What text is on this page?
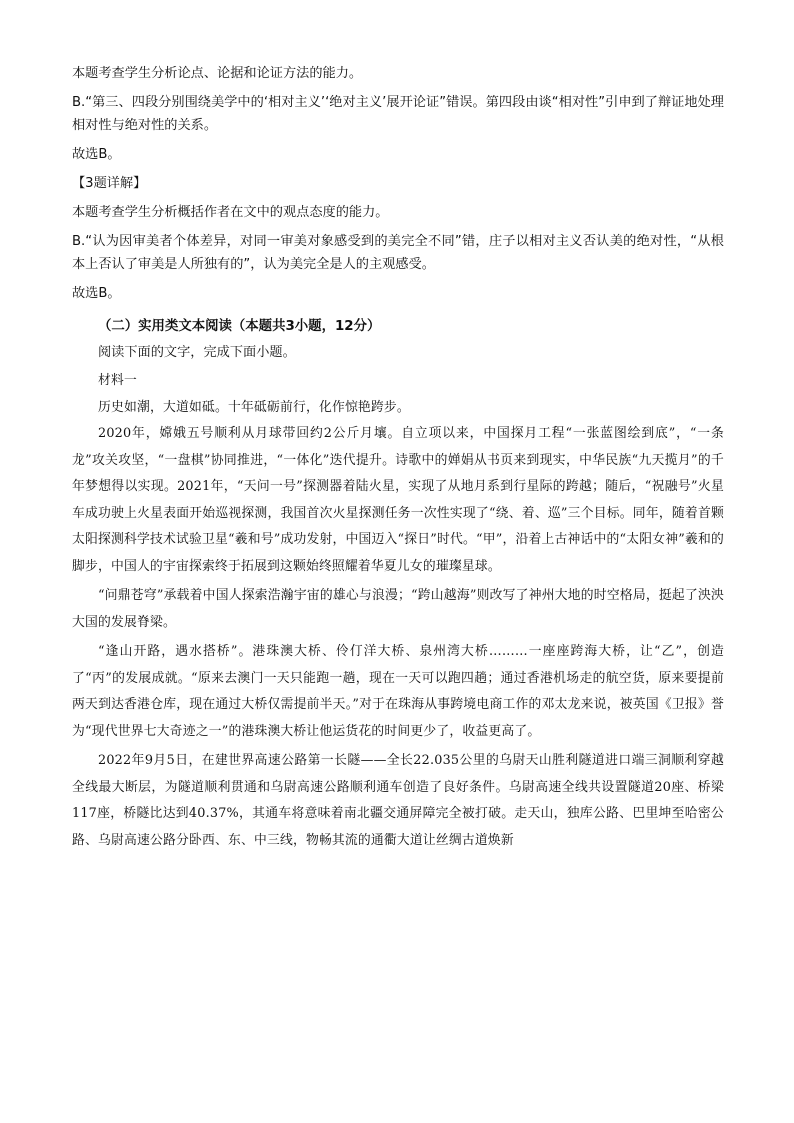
本题考查学生分析论点、论据和论证方法的能力。

B.“第三、四段分别围绕美学中的‘相对主义’‘绝对主义’展开论证”错误。第四段由谈“相对性”引申到了辩证地处理相对性与绝对性的关系。

故选B。

【3题详解】

本题考查学生分析概括作者在文中的观点态度的能力。

B.“认为因审美者个体差异，对同一审美对象感受到的美完全不同”错，庄子以相对主义否认美的绝对性，“从根本上否认了审美是人所独有的”，认为美完全是人的主观感受。

故选B。

（二）实用类文本阅读（本题共3小题，12分）

阅读下面的文字，完成下面小题。

材料一

历史如潮，大道如砥。十年砥砺前行，化作惊艳跨步。

2020年，嫦娥五号顺利从月球带回约2公斤月壤。自立项以来，中国探月工程“一张蓝图绘到底”，“一条龙”攻关攻坚，“一盘棋”协同推进，“一体化”迭代提升。诗歌中的婵娟从书页来到现实，中华民族“九天揽月”的千年梦想得以实现。2021年，“天问一号”探测器着陆火星，实现了从地月系到行星际的跨越；随后，“祝融号”火星车成功驶上火星表面开始巡视探测，我国首次火星探测任务一次性实现了“绕、着、巡”三个目标。同年，随着首颗太阳探测科学技术试验卫星“羲和号”成功发射，中国迈入“探日”时代。“甲”，沿着上古神话中的“太阳女神”羲和的脚步，中国人的宇宙探索终于拓展到这颗始终照耀着华夏儿女的璀璨星球。

“问鼎苍穹”承载着中国人探索浩瀚宇宙的雄心与浪漫；“跨山越海”则改写了神州大地的时空格局，挺起了泱泱大国的发展脊梁。

“逢山开路，遇水搭桥”。港珠澳大桥、伶仃洋大桥、泉州湾大桥………一座座跨海大桥，让“乙”，创造了“丙”的发展成就。“原来去澳门一天只能跑一趟，现在一天可以跑四趟；通过香港机场走的航空货，原来要提前两天到达香港仓库，现在通过大桥仅需提前半天。”对于在珠海从事跨境电商工作的邓太龙来说，被英国《卫报》誉为“现代世界七大奇迹之一”的港珠澳大桥让他运货花的时间更少了，收益更高了。

2022年9月5日，在建世界高速公路第一长隧——全长22.035公里的乌尉天山胜利隧道进口端三洞顺利穿越全线最大断层，为隧道顺利贯通和乌尉高速公路顺利通车创造了良好条件。乌尉高速全线共设置隧道20座、桥梁117座，桥隧比达到40.37%，其通车将意味着南北疆交通屏障完全被打破。走天山，独库公路、巴里坤至哈密公路、乌尉高速公路分卧西、东、中三线，物畅其流的通衢大道让丝绸古道焕新
